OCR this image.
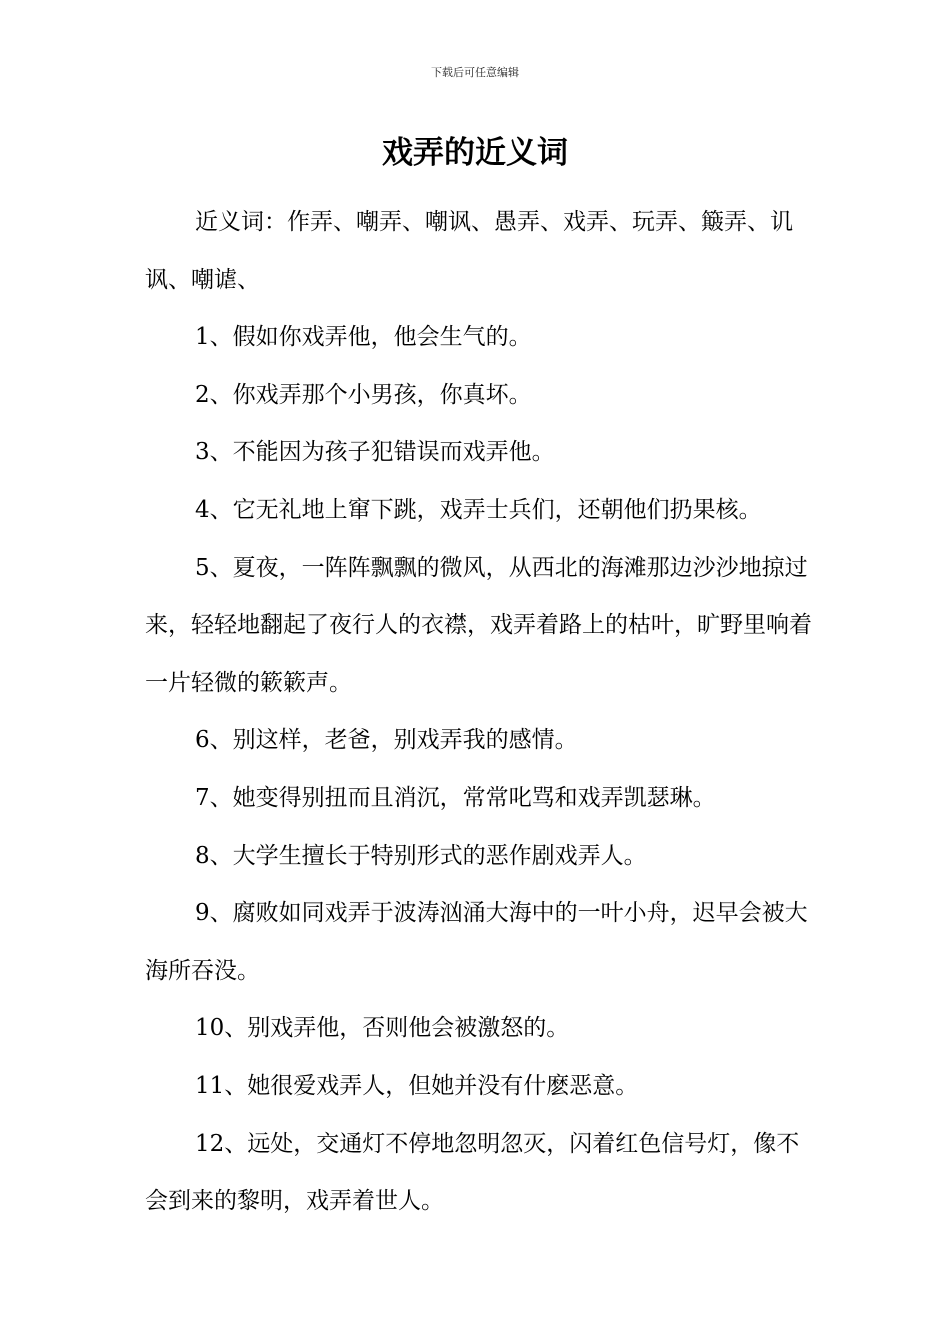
下载后可任意编辑
戏弄的近义词

近义词：作弄、嘲弄、嘲讽、愚弄、戏弄、玩弄、簸弄、讥讽、嘲谑、

1、假如你戏弄他，他会生气的。

2、你戏弄那个小男孩，你真坏。

3、不能因为孩子犯错误而戏弄他。

4、它无礼地上窜下跳，戏弄士兵们，还朝他们扔果核。

5、夏夜，一阵阵飘飘的微风，从西北的海滩那边沙沙地掠过来，轻轻地翻起了夜行人的衣襟，戏弄着路上的枯叶，旷野里响着一片轻微的簌簌声。

6、别这样，老爸，别戏弄我的感情。

7、她变得别扭而且消沉，常常叱骂和戏弄凯瑟琳。

8、大学生擅长于特别形式的恶作剧戏弄人。

9、腐败如同戏弄于波涛汹涌大海中的一叶小舟，迟早会被大海所吞没。

10、别戏弄他，否则他会被激怒的。

11、她很爱戏弄人，但她并没有什麽恶意。

12、远处，交通灯不停地忽明忽灭，闪着红色信号灯，像不会到来的黎明，戏弄着世人。
